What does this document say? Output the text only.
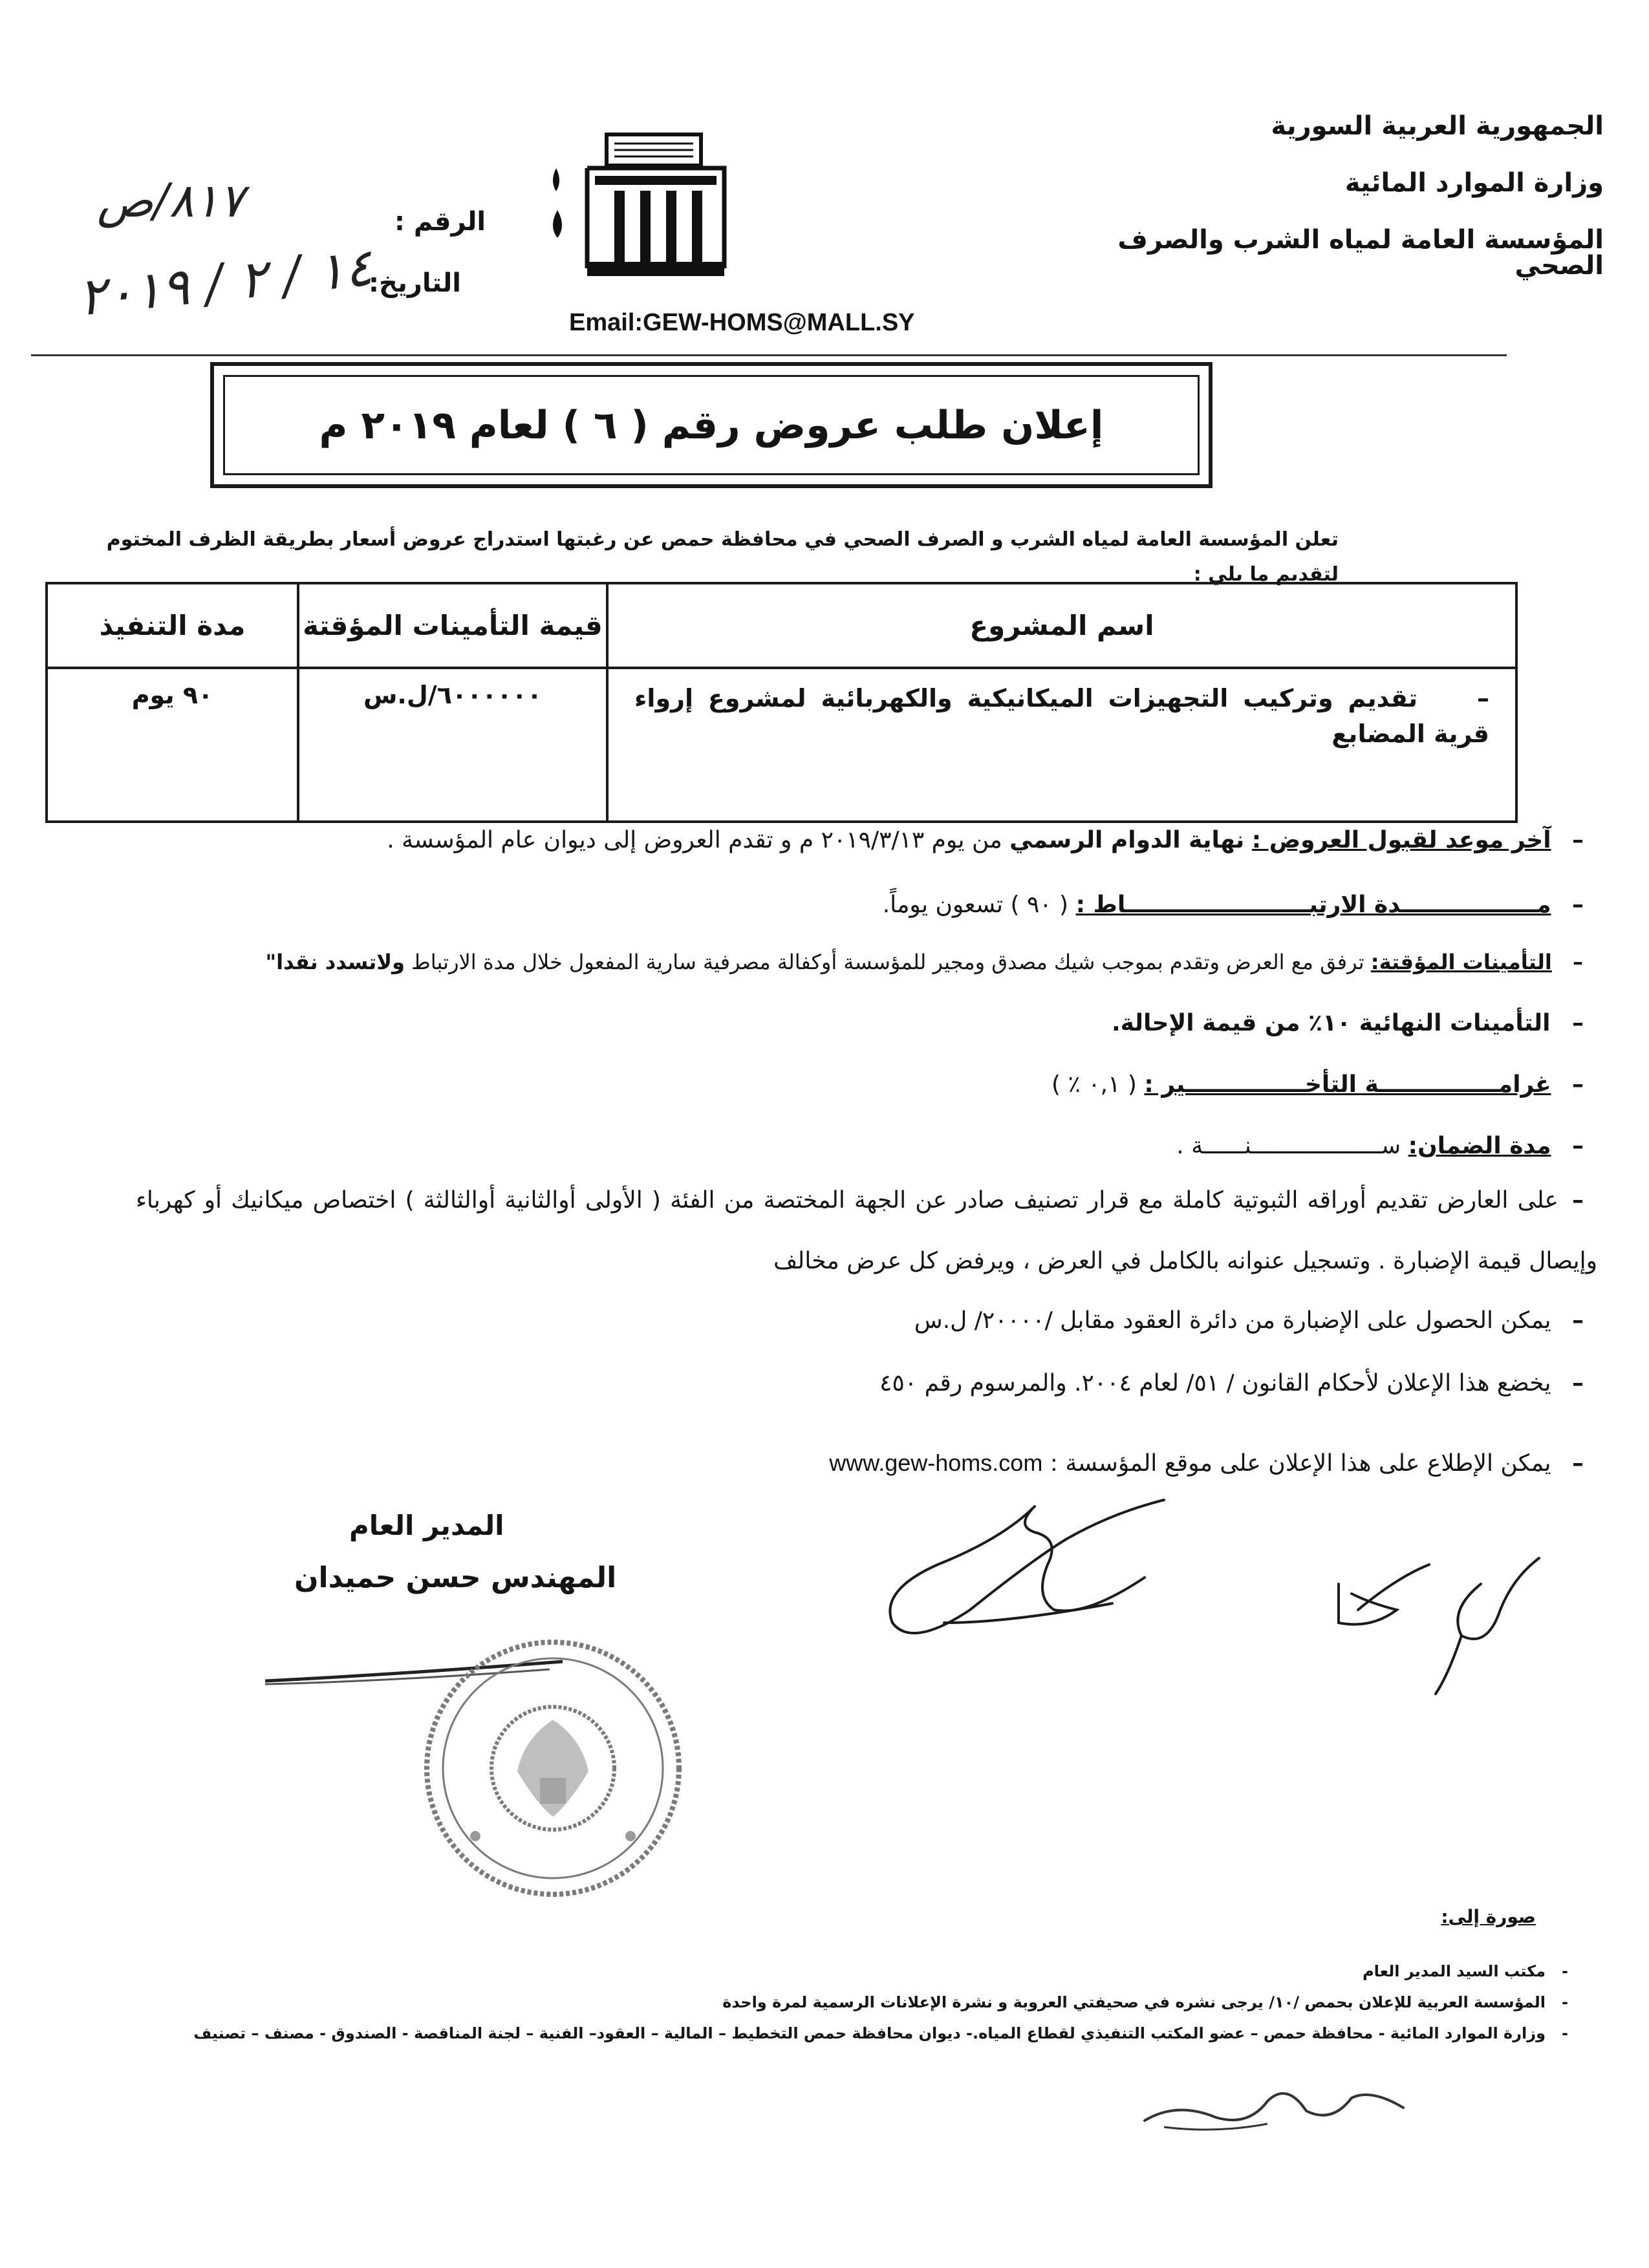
الجمهورية العربية السورية
وزارة الموارد المائية
المؤسسة العامة لمياه الشرب والصرف الصحي
Email:GEW-HOMS@MALL.SY
الرقم :
التاريخ:
٨١٧/ص
١٤ / ٢ / ٢٠١٩
إعلان طلب عروض رقم ( ٦ ) لعام ٢٠١٩ م
تعلن المؤسسة العامة لمياه الشرب و الصرف الصحي في محافظة حمص عن رغبتها استدراج عروض أسعار بطريقة الظرف المختوم لتقديم ما يلي :
اسم المشروع	قيمة التأمينات المؤقتة	مدة التنفيذ
–    تقديم وتركيب التجهيزات الميكانيكية والكهربائية لمشروع إرواء قرية المضابع	٦٠٠٠٠٠٠/ل.س	٩٠ يوم
– آخر موعد لقبول العروض : نهاية الدوام الرسمي من يوم ٢٠١٩/٣/١٣ م و تقدم العروض إلى ديوان عام المؤسسة .
– مـــــــــــــــــدة الارتبـــــــــــــــــــــــاط : ( ٩٠ ) تسعون يوماً.
– التأمينات المؤقتة: ترفق مع العرض وتقدم بموجب شيك مصدق ومجير للمؤسسة أوكفالة مصرفية سارية المفعول خلال مدة الارتباط ولاتسدد نقدا"
– التأمينات النهائية ١٠٪ من قيمة الإحالة.
– غرامـــــــــــــــة التأخـــــــــــــــير : ( ٠,١ ٪ )
– مدة الضمان: ســـــــــــــــــــنــــــة .
–على العارض تقديم أوراقه الثبوتية كاملة مع قرار تصنيف صادر عن الجهة المختصة من الفئة ( الأولى أوالثانية أوالثالثة ) اختصاص ميكانيك أو كهرباء وإيصال قيمة الإضبارة . وتسجيل عنوانه بالكامل في العرض ، ويرفض كل عرض مخالف
– يمكن الحصول على الإضبارة من دائرة العقود مقابل /٢٠٠٠٠/ ل.س
– يخضع هذا الإعلان لأحكام القانون / ٥١/ لعام ٢٠٠٤. والمرسوم رقم ٤٥٠
– يمكن الإطلاع على هذا الإعلان على موقع المؤسسة : www.gew-homs.com
المدير العام
المهندس حسن حميدان
صورة إلى:
-مكتب السيد المدير العام
-المؤسسة العربية للإعلان بحمص /١٠/ يرجى نشره في صحيفتي العروبة و نشرة الإعلانات الرسمية لمرة واحدة
-وزارة الموارد المائية - محافظة حمص – عضو المكتب التنفيذي لقطاع المياه.- ديوان محافظة حمص التخطيط – المالية – العقود– الفنية – لجنة المناقصة - الصندوق - مصنف – تصنيف
